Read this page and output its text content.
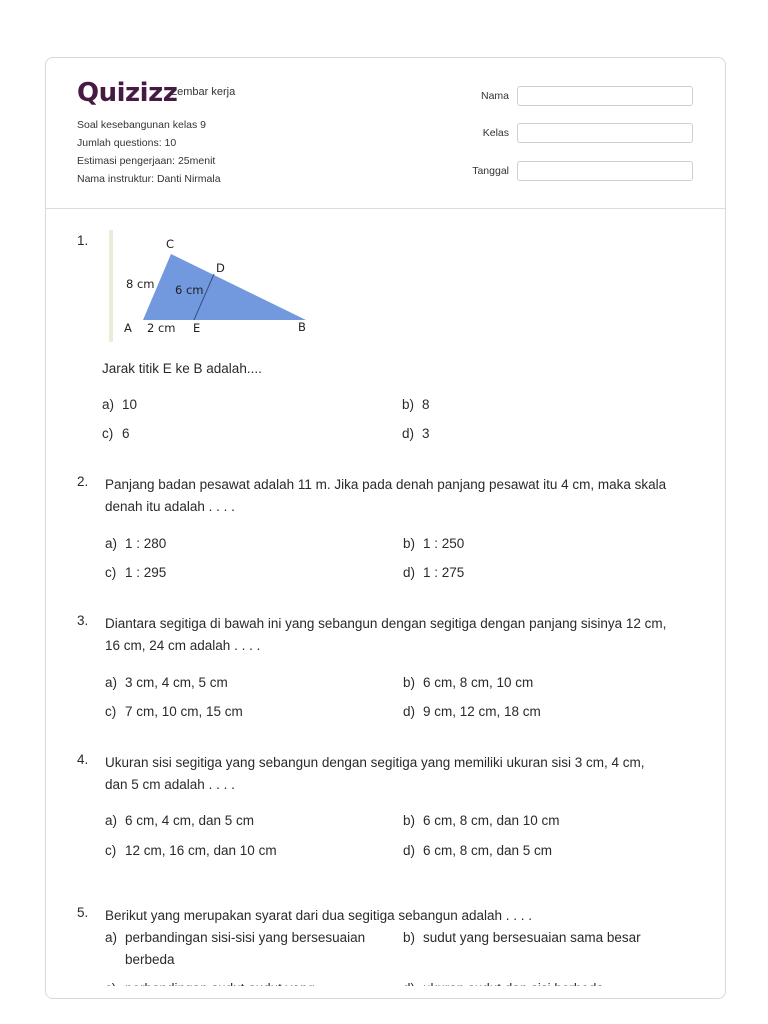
Quizizz
Lembar kerja
Soal kesebangunan kelas 9
Jumlah questions: 10
Estimasi pengerjaan: 25menit
Nama instruktur: Danti Nirmala
Nama
Kelas
Tanggal
1.	C
D
8 cm 6 cm
A 2 cm E	B
Jarak titik E ke B adalah....
a) 10	b) 8
c) 6	d) 3
2. Panjang badan pesawat adalah 11 m. Jika pada denah panjang pesawat itu 4 cm, maka skala
denah itu adalah . . . .
a) 1 : 280	b) 1 : 250
c) 1 : 295	d) 1 : 275
3. Diantara segitiga di bawah ini yang sebangun dengan segitiga dengan panjang sisinya 12 cm,
16 cm, 24 cm adalah . . . .
a) 3 cm, 4 cm, 5 cm	b) 6 cm, 8 cm, 10 cm
c) 7 cm, 10 cm, 15 cm	d) 9 cm, 12 cm, 18 cm
4. Ukuran sisi segitiga yang sebangun dengan segitiga yang memiliki ukuran sisi 3 cm, 4 cm,
dan 5 cm adalah . . . .
a) 6 cm, 4 cm, dan 5 cm	b) 6 cm, 8 cm, dan 10 cm
c) 12 cm, 16 cm, dan 10 cm	d) 6 cm, 8 cm, dan 5 cm
5. Berikut yang merupakan syarat dari dua segitiga sebangun adalah . . . .
a) perbandingan sisi-sisi yang bersesuaian
berbeda
b) sudut yang bersesuaian sama besar
